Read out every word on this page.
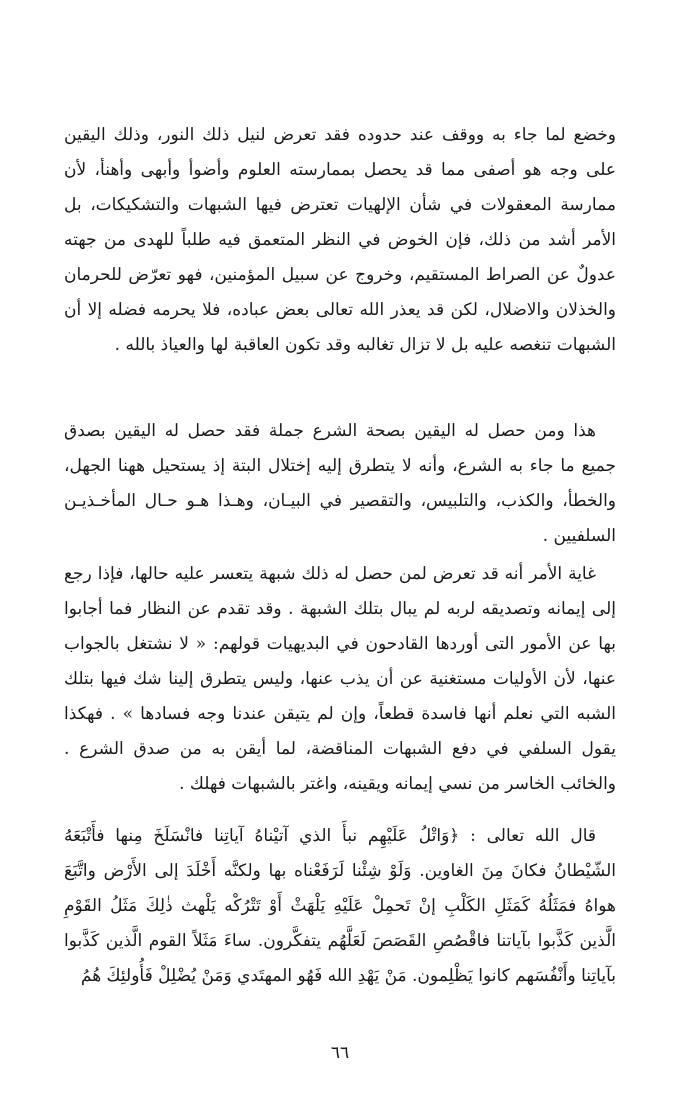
وخضع لما جاء به ووقف عند حدوده فقد تعرض لنيل ذلك النور، وذلك اليقين على وجه هو أصفى مما قد يحصل بممارسته العلوم وأضوأ وأبهى وأهنأ، لأن ممارسة المعقولات في شأن الإلهيات تعترض فيها الشبهات والتشكيكات، بل الأمر أشد من ذلك، فإن الخوض في النظر المتعمق فيه طلباً للهدى من جهته عدولٌ عن الصراط المستقيم، وخروج عن سبيل المؤمنين، فهو تعرّض للحرمان والخذلان والاضلال، لكن قد يعذر الله تعالى بعض عباده، فلا يحرمه فضله إلا أن الشبهات تنغصه عليه بل لا تزال تغالبه وقد تكون العاقبة لها والعياذ بالله .
هذا ومن حصل له اليقين بصحة الشرع جملة فقد حصل له اليقين بصدق جميع ما جاء به الشرع، وأنه لا يتطرق إليه إختلال البتة إذ يستحيل ههنا الجهل، والخطأ، والكذب، والتلبيس، والتقصير في البيـان، وهـذا هـو حـال المأخـذيـن السلفيين .
غاية الأمر أنه قد تعرض لمن حصل له ذلك شبهة يتعسر عليه حالها، فإذا رجع إلى إيمانه وتصديقه لربه لم يبال بتلك الشبهة . وقد تقدم عن النظار فما أجابوا بها عن الأمور التى أوردها القادحون في البديهيات قولهم: « لا نشتغل بالجواب عنها، لأن الأوليات مستغنية عن أن يذب عنها، وليس يتطرق إلينا شك فيها بتلك الشبه التي نعلم أنها فاسدة قطعاً، وإن لم يتيقن عندنا وجه فسادها » . فهكذا يقول السلفي في دفع الشبهات المناقضة، لما أيقن به من صدق الشرع . والخائب الخاسر من نسي إيمانه ويقينه، واغتر بالشبهات فهلك .
قال الله تعالى : ﴿وَاتْلُ عَلَيْهِم نبأَ الذي آتيْناهُ آياتِنا فانْسَلَخَ مِنها فأَتْبَعَهُ الشّيْطانُ فكانَ مِنَ الغاوين. وَلَوْ شِئْنا لَرَفَعْناه بها ولكنَّه أَخْلَدَ إلى الأَرْض واتَّبَعَ هواهُ فمَثَلُهُ كَمَثَلِ الكَلْبِ إنْ تَحمِلْ عَلَيْهِ يَلْهَثْ أَوْ تَتْرُكْه يَلْهث ذٰلِكَ مَثَلُ القَوْمِ الَّذين كَذَّبوا بآياتنا فاقْصُصِ القَصَصَ لَعَلَّهُم يتفكَّرون. ساءَ مَثَلاً القوم الَّذين كَذَّبوا بآياتِنا وأَنْفُسَهم كانوا يَظْلِمون. مَنْ يَهْدِ الله فَهُو المهتَدي وَمَنْ يُضْلِلْ فَأُولئِكَ هُمُ
٦٦
